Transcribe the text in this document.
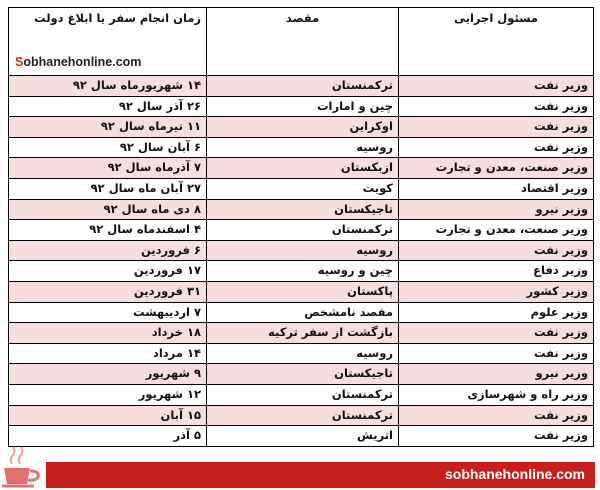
مسئول اجرایی	مقصد	زمان انجام سفر یا ابلاغ دولت
Sobhanehonline.com

وزیر نفت	ترکمنستان	۱۴ شهریورماه سال ۹۲
وزیر نفت	چین و امارات	۲۶ آذر سال ۹۲
وزیر نفت	اوکراین	۱۱ تیرماه سال ۹۲
وزیر نفت	روسیه	۶ آبان سال ۹۲
وزیر صنعت، معدن و تجارت	ازبکستان	۷ آذرماه سال ۹۲
وزیر اقتصاد	کویت	۲۷ آبان ماه سال ۹۲
وزیر نیرو	تاجیکستان	۸ دی ماه سال ۹۲
وزیر صنعت، معدن و تجارت	ترکمنستان	۴ اسفندماه سال ۹۲
وزیر نفت	روسیه	۶ فروردین
وزیر دفاع	چین و روسیه	۱۷ فروردین
وزیر کشور	پاکستان	۳۱ فروردین
وزیر علوم	مقصد نامشخص	۷ اردیبهشت
وزیر نفت	بازگشت از سفر ترکیه	۱۸ خرداد
وزیر نفت	روسیه	۱۴ مرداد
وزیر نیرو	تاجیکستان	۹ شهریور
وزیر راه و شهرسازی	ترکمنستان	۱۲ شهریور
وزیر نفت	ترکمنستان	۱۵ آبان
وزیر نفت	اتریش	۵ آذر
sobhanehonline.com
